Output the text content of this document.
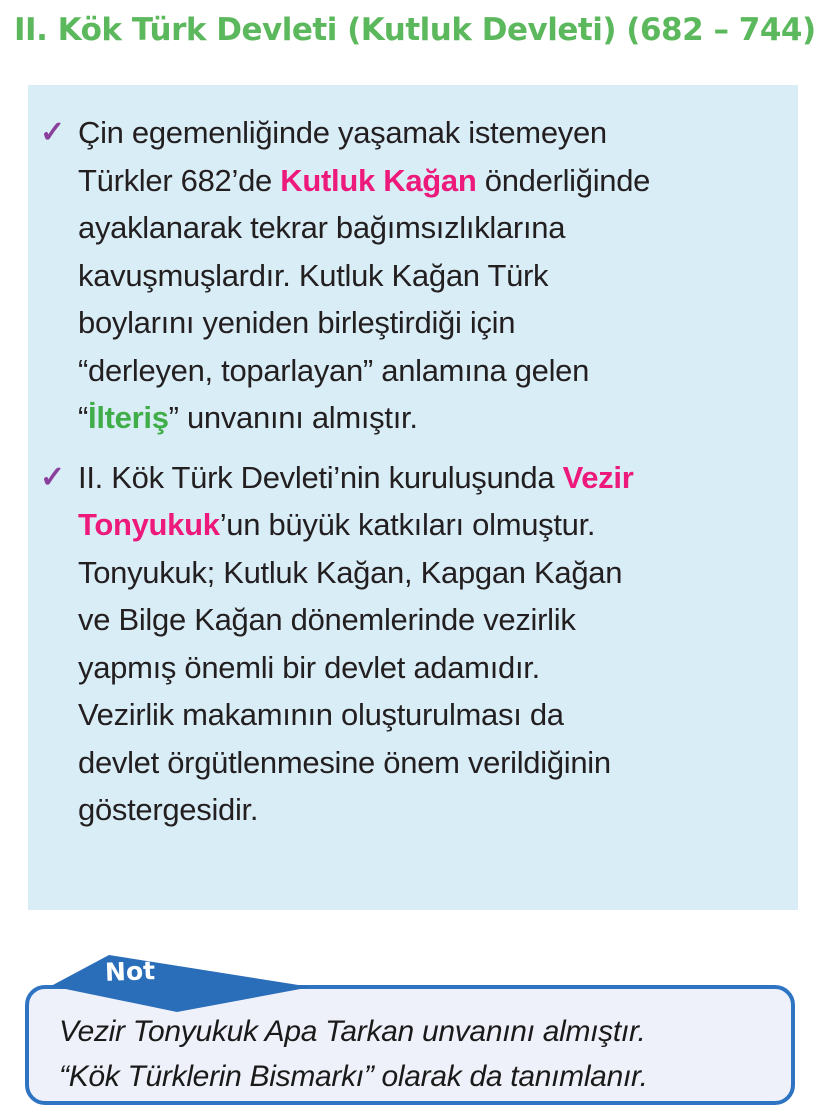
II. Kök Türk Devleti (Kutluk Devleti) (682 – 744)
✓ Çin egemenliğinde yaşamak istemeyen
Türkler 682’de Kutluk Kağan önderliğinde
ayaklanarak tekrar bağımsızlıklarına
kavuşmuşlardır. Kutluk Kağan Türk
boylarını yeniden birleştirdiği için
“derleyen, toparlayan” anlamına gelen
“İlteriş” unvanını almıştır.
✓ II. Kök Türk Devleti’nin kuruluşunda Vezir
Tonyukuk’un büyük katkıları olmuştur.
Tonyukuk; Kutluk Kağan, Kapgan Kağan
ve Bilge Kağan dönemlerinde vezirlik
yapmış önemli bir devlet adamıdır.
Vezirlik makamının oluşturulması da
devlet örgütlenmesine önem verildiğinin
göstergesidir.
Not
Vezir Tonyukuk Apa Tarkan unvanını almıştır.
“Kök Türklerin Bismarkı” olarak da tanımlanır.
